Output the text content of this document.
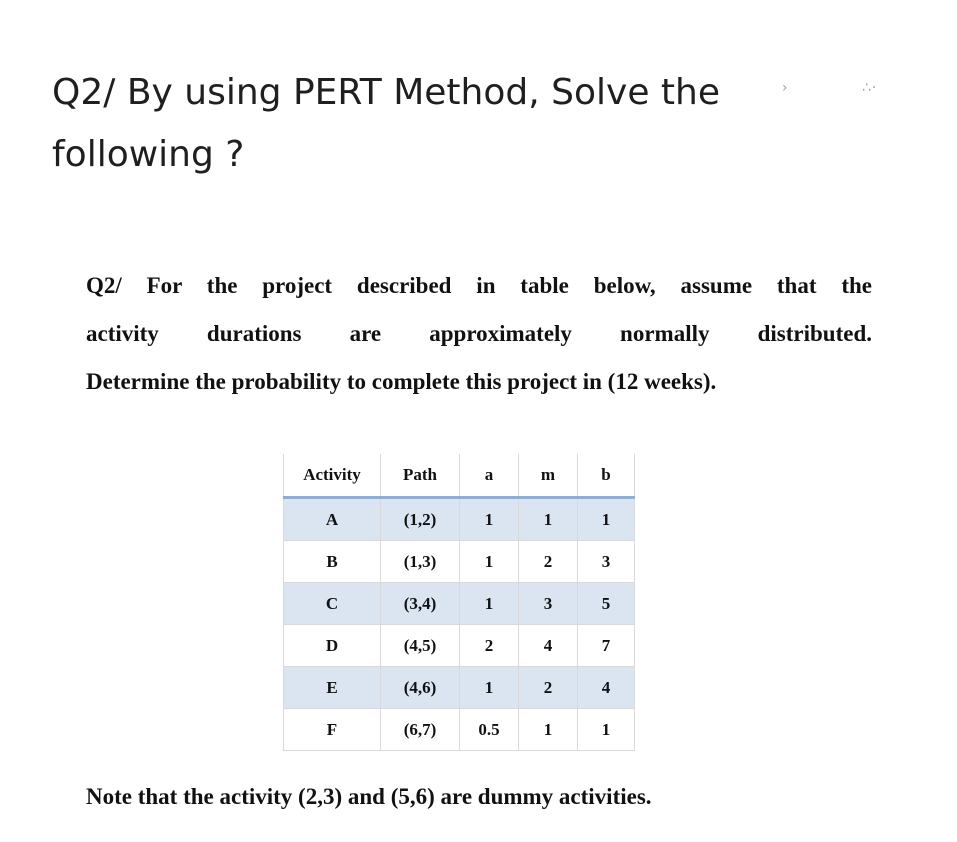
Q2/ By using PERT Method, Solve the
following ?
›	∴·

Q2/ For the project described in table below, assume that the
activity durations are approximately normally distributed.
Determine the probability to complete this project in (12 weeks).

Activity	Path	a	m	b
A	(1,2)	1	1	1
B	(1,3)	1	2	3
C	(3,4)	1	3	5
D	(4,5)	2	4	7
E	(4,6)	1	2	4
F	(6,7)	0.5	1	1

Note that the activity (2,3) and (5,6) are dummy activities.
